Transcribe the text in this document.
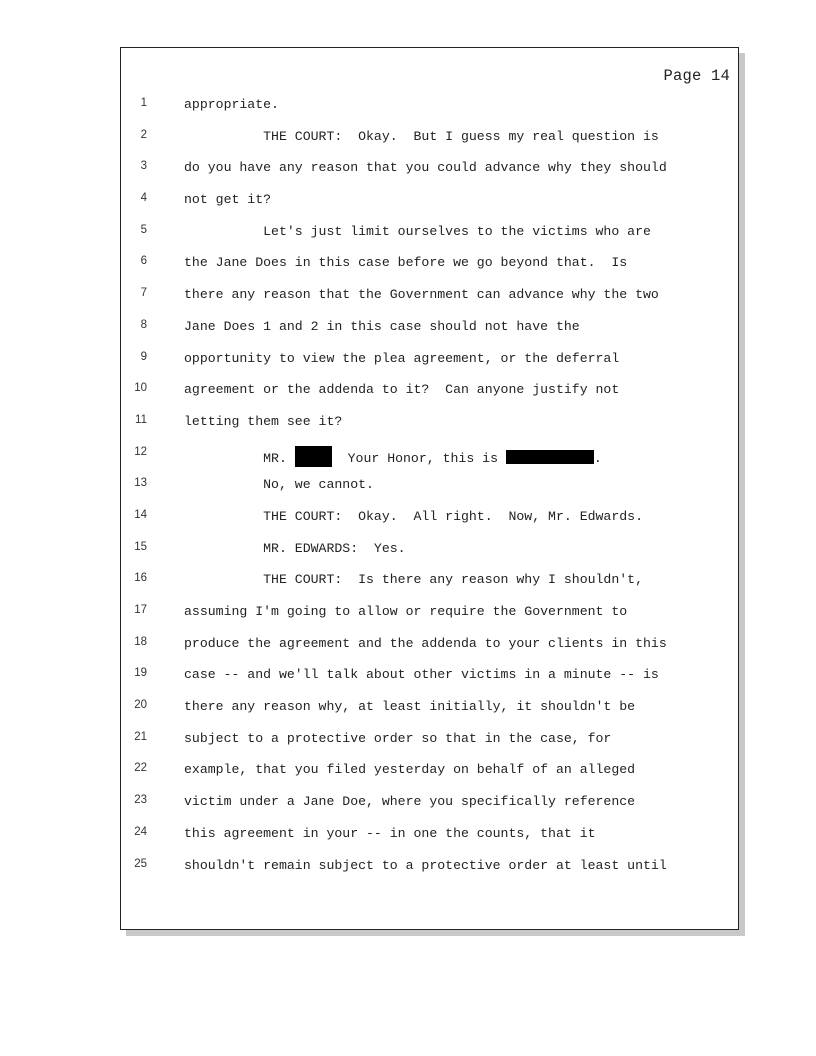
Page 14
1	appropriate.
2	THE COURT:  Okay.  But I guess my real question is
3	do you have any reason that you could advance why they should
4	not get it?
5	Let's just limit ourselves to the victims who are
6	the Jane Does in this case before we go beyond that.  Is
7	there any reason that the Government can advance why the two
8	Jane Does 1 and 2 in this case should not have the
9	opportunity to view the plea agreement, or the deferral
10	agreement or the addenda to it?  Can anyone justify not
11	letting them see it?
12	MR.	Your Honor, this is	.
13	No, we cannot.
14	THE COURT:  Okay.  All right.  Now, Mr. Edwards.
15	MR. EDWARDS:  Yes.
16	THE COURT:  Is there any reason why I shouldn't,
17	assuming I'm going to allow or require the Government to
18	produce the agreement and the addenda to your clients in this
19	case -- and we'll talk about other victims in a minute -- is
20	there any reason why, at least initially, it shouldn't be
21	subject to a protective order so that in the case, for
22	example, that you filed yesterday on behalf of an alleged
23	victim under a Jane Doe, where you specifically reference
24	this agreement in your -- in one the counts, that it
25	shouldn't remain subject to a protective order at least until
